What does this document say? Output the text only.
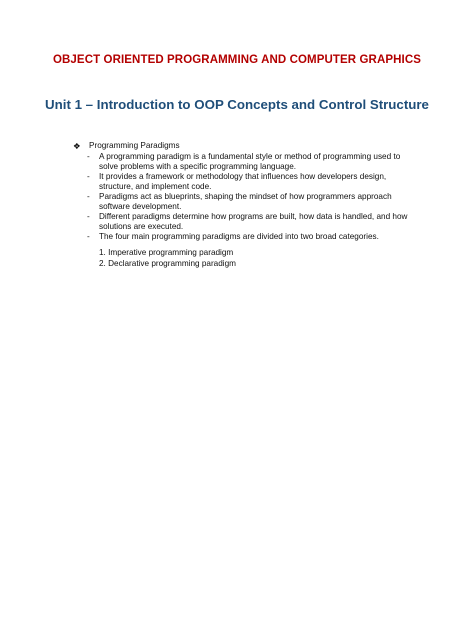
OBJECT ORIENTED PROGRAMMING AND COMPUTER GRAPHICS
Unit 1 – Introduction to OOP Concepts and Control Structure
❖	Programming Paradigms
- A programming paradigm is a fundamental style or method of programming used to solve problems with a specific programming language.
- It provides a framework or methodology that influences how developers design, structure, and implement code.
- Paradigms act as blueprints, shaping the mindset of how programmers approach software development.
- Different paradigms determine how programs are built, how data is handled, and how solutions are executed.
- The four main programming paradigms are divided into two broad categories.
1. Imperative programming paradigm
2. Declarative programming paradigm
